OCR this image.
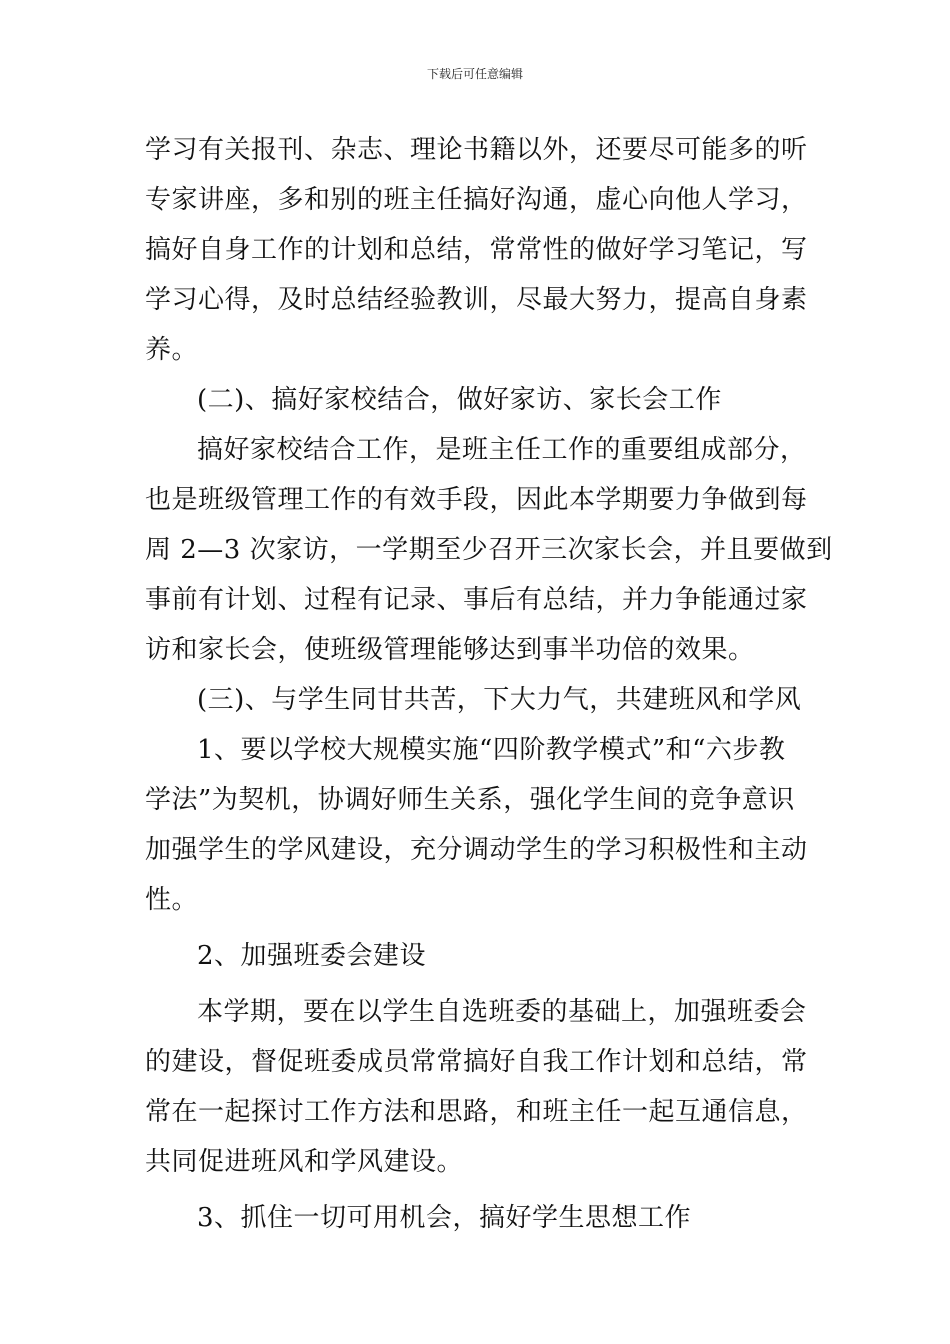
下载后可任意编辑
学习有关报刊、杂志、理论书籍以外，还要尽可能多的听
专家讲座，多和别的班主任搞好沟通，虚心向他人学习，
搞好自身工作的计划和总结，常常性的做好学习笔记，写
学习心得，及时总结经验教训，尽最大努力，提高自身素
养。
(二)、搞好家校结合，做好家访、家长会工作
搞好家校结合工作，是班主任工作的重要组成部分，
也是班级管理工作的有效手段，因此本学期要力争做到每
周 2—3 次家访，一学期至少召开三次家长会，并且要做到
事前有计划、过程有记录、事后有总结，并力争能通过家
访和家长会，使班级管理能够达到事半功倍的效果。
(三)、与学生同甘共苦，下大力气，共建班风和学风
1、要以学校大规模实施“四阶教学模式”和“六步教
学法”为契机，协调好师生关系，强化学生间的竞争意识
加强学生的学风建设，充分调动学生的学习积极性和主动
性。
2、加强班委会建设
本学期，要在以学生自选班委的基础上，加强班委会
的建设，督促班委成员常常搞好自我工作计划和总结，常
常在一起探讨工作方法和思路，和班主任一起互通信息，
共同促进班风和学风建设。
3、抓住一切可用机会，搞好学生思想工作
